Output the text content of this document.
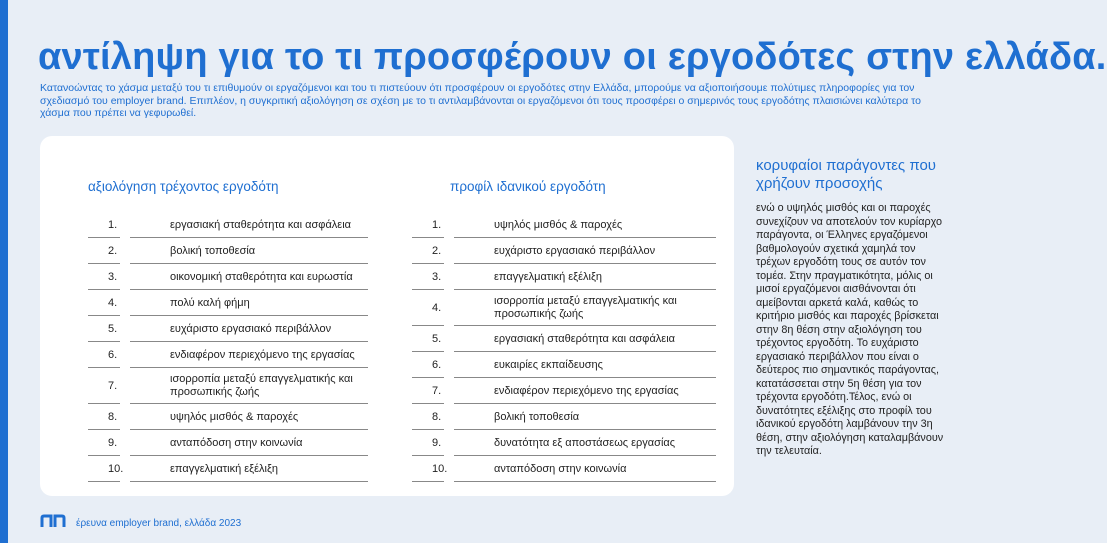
αντίληψη για το τι προσφέρουν οι εργοδότες στην ελλάδα.

Κατανοώντας το χάσμα μεταξύ του τι επιθυμούν οι εργαζόμενοι και του τι πιστεύουν ότι προσφέρουν οι εργοδότες στην Ελλάδα, μπορούμε να αξιοποιήσουμε πολύτιμες πληροφορίες για τον σχεδιασμό του employer brand. Επιπλέον, η συγκριτική αξιολόγηση σε σχέση με το τι αντιλαμβάνονται οι εργαζόμενοι ότι τους προσφέρει ο σημερινός τους εργοδότης πλαισιώνει καλύτερα το χάσμα που πρέπει να γεφυρωθεί.

αξιολόγηση τρέχοντος εργοδότη
1.	εργασιακή σταθερότητα και ασφάλεια
2.	βολική τοποθεσία
3.	οικονομική σταθερότητα και ευρωστία
4.	πολύ καλή φήμη
5.	ευχάριστο εργασιακό περιβάλλον
6.	ενδιαφέρον περιεχόμενο της εργασίας
7.
ισορροπία μεταξύ επαγγελματικής και προσωπικής ζωής
8.	υψηλός μισθός & παροχές
9.	ανταπόδοση στην κοινωνία
10.	επαγγελματική εξέλιξη
προφίλ ιδανικού εργοδότη
1.	υψηλός μισθός & παροχές
2.	ευχάριστο εργασιακό περιβάλλον
3.	επαγγελματική εξέλιξη
4.
ισορροπία μεταξύ επαγγελματικής και προσωπικής ζωής
5.	εργασιακή σταθερότητα και ασφάλεια
6.	ευκαιρίες εκπαίδευσης
7.	ενδιαφέρον περιεχόμενο της εργασίας
8.	βολική τοποθεσία
9.	δυνατότητα εξ αποστάσεως εργασίας
10.	ανταπόδοση στην κοινωνία
κορυφαίοι παράγοντες που χρήζουν προσοχής
ενώ ο υψηλός μισθός και οι παροχές συνεχίζουν να αποτελούν τον κυρίαρχο παράγοντα, οι Έλληνες εργαζόμενοι βαθμολογούν σχετικά χαμηλά τον τρέχων εργοδότη τους σε αυτόν τον τομέα. Στην πραγματικότητα, μόλις οι μισοί εργαζόμενοι αισθάνονται ότι αμείβονται αρκετά καλά, καθώς το κριτήριο μισθός και παροχές βρίσκεται στην 8η θέση στην αξιολόγηση του τρέχοντος εργοδότη. Το ευχάριστο εργασιακό περιβάλλον που είναι ο δεύτερος πιο σημαντικός παράγοντας, κατατάσσεται στην 5η θέση για τον τρέχοντα εργοδότη.Τέλος, ενώ οι δυνατότητες εξέλιξης στο προφίλ του ιδανικού εργοδότη λαμβάνουν την 3η θέση, στην αξιολόγηση καταλαμβάνουν την τελευταία.
έρευνα employer brand, ελλάδα 2023
